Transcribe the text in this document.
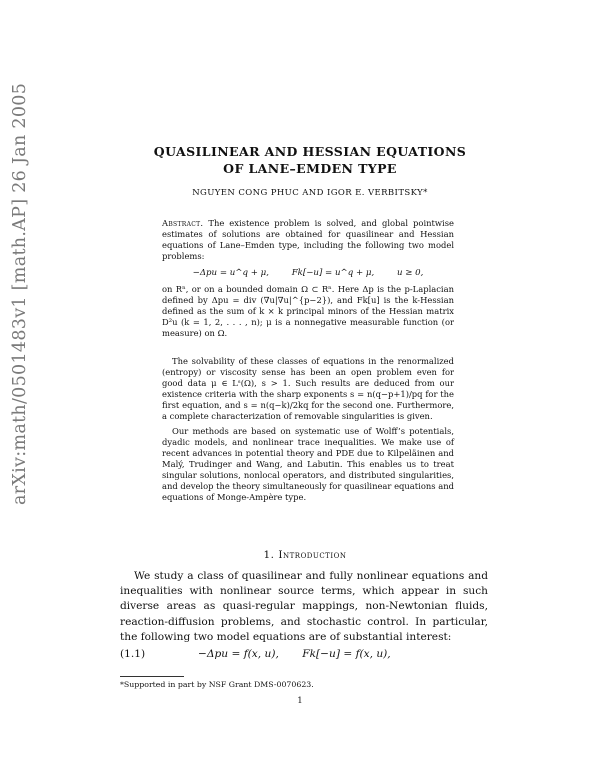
arXiv:math/0501483v1 [math.AP] 26 Jan 2005	QUASILINEAR AND HESSIAN EQUATIONS
OF LANE–EMDEN TYPE
NGUYEN CONG PHUC AND IGOR E. VERBITSKY*

Abstract. The existence problem is solved, and global pointwise estimates of solutions are obtained for quasilinear and Hessian equations of Lane–Emden type, including the following two model problems:

−Δpu = u^q + μ,	Fk[−u] = u^q + μ,	u ≥ 0,

on Rⁿ, or on a bounded domain Ω ⊂ Rⁿ. Here Δp is the p-Laplacian defined by Δpu = div (∇u|∇u|^{p−2}), and Fk[u] is the k-Hessian defined as the sum of k × k principal minors of the Hessian matrix D²u (k = 1, 2, . . . , n); μ is a nonnegative measurable function (or measure) on Ω.

The solvability of these classes of equations in the renormalized (entropy) or viscosity sense has been an open problem even for good data μ ∈ Lˢ(Ω), s > 1. Such results are deduced from our existence criteria with the sharp exponents s = n(q−p+1)/pq for the first equation, and s = n(q−k)/2kq for the second one. Furthermore, a complete characterization of removable singularities is given.

Our methods are based on systematic use of Wolff’s potentials, dyadic models, and nonlinear trace inequalities. We make use of recent advances in potential theory and PDE due to Kilpeläinen and Malý, Trudinger and Wang, and Labutin. This enables us to treat singular solutions, nonlocal operators, and distributed singularities, and develop the theory simultaneously for quasilinear equations and equations of Monge-Ampère type.

1. Introduction

We study a class of quasilinear and fully nonlinear equations and inequalities with nonlinear source terms, which appear in such diverse areas as quasi-regular mappings, non-Newtonian fluids, reaction-diffusion problems, and stochastic control. In particular, the following two model equations are of substantial interest:

(1.1)	−Δpu = f(x, u), Fk[−u] = f(x, u),
*Supported in part by NSF Grant DMS-0070623.
1
